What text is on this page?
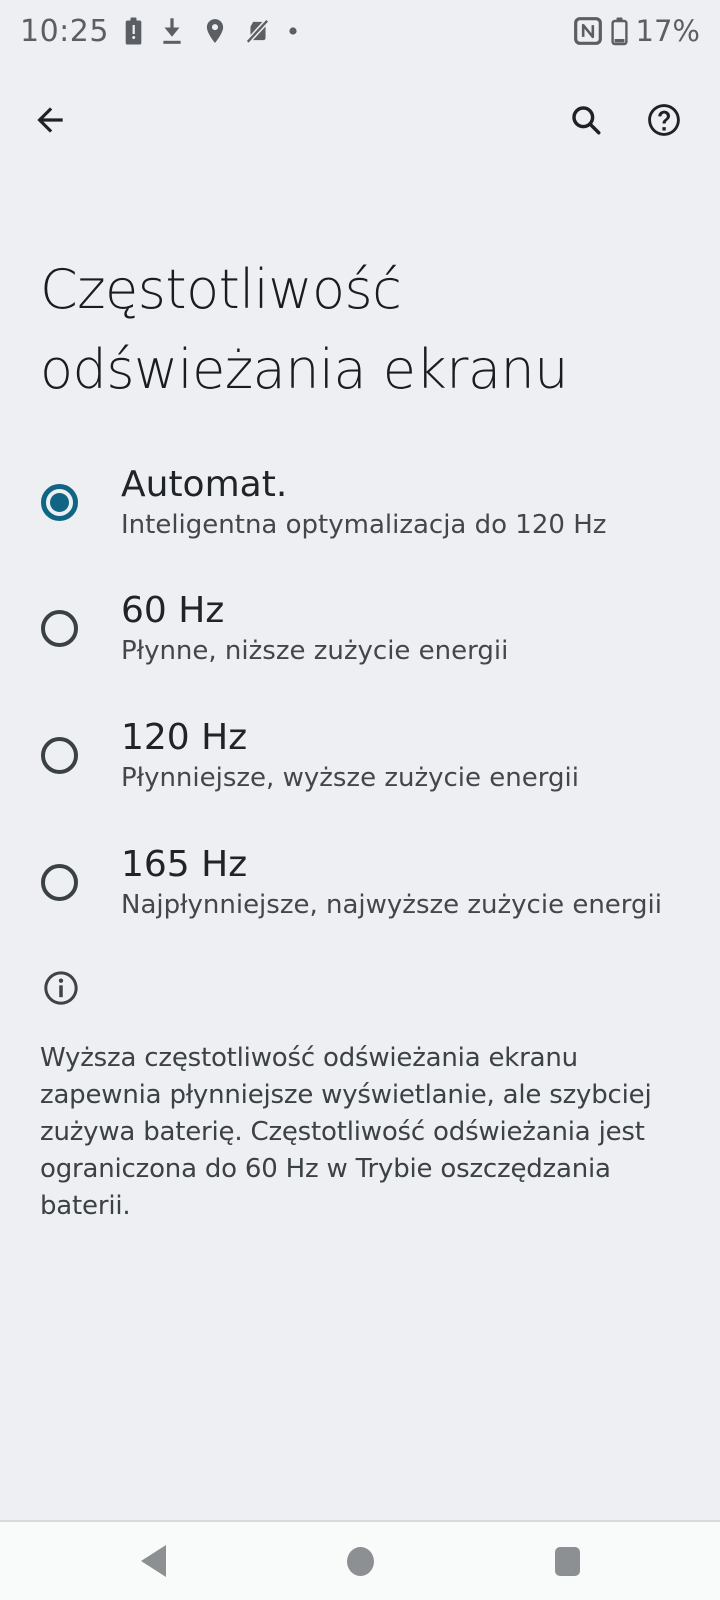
10:25	17%
Częstotliwość odświeżania ekranu
Automat.
Inteligentna optymalizacja do 120 Hz
60 Hz
Płynne, niższe zużycie energii
120 Hz
Płynniejsze, wyższe zużycie energii
165 Hz
Najpłynniejsze, najwyższe zużycie energii

Wyższa częstotliwość odświeżania ekranu zapewnia płynniejsze wyświetlanie, ale szybciej zużywa baterię. Częstotliwość odświeżania jest ograniczona do 60 Hz w Trybie oszczędzania baterii.
